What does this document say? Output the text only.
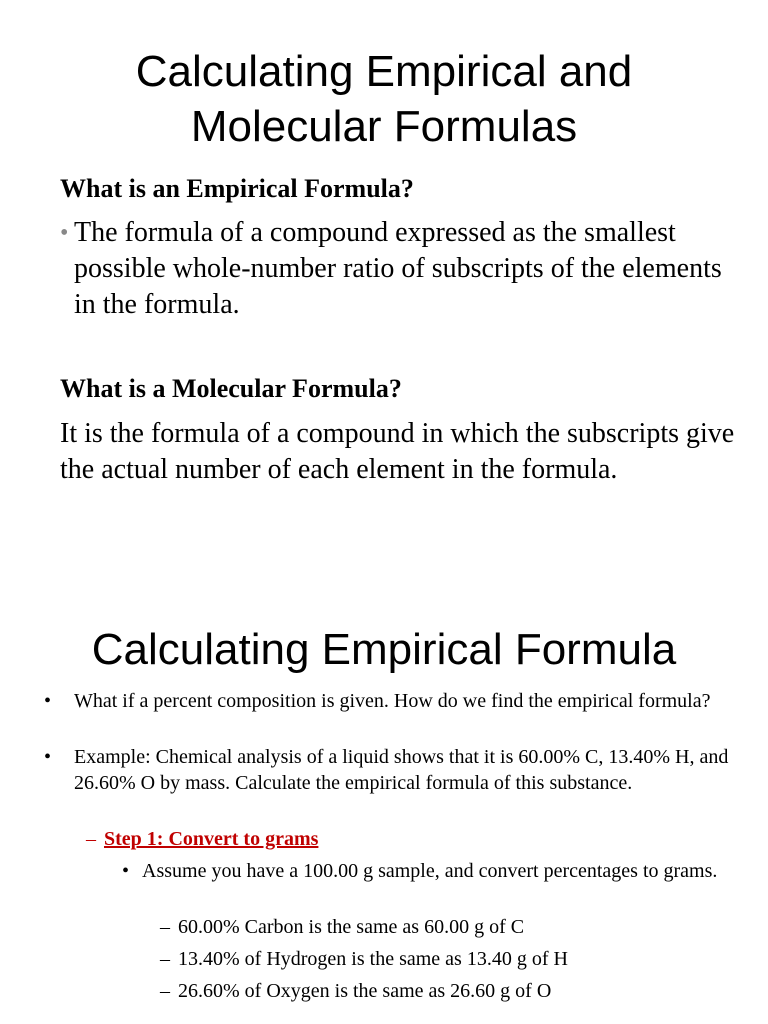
Calculating Empirical and
Molecular Formulas
What is an Empirical Formula?
• The formula of a compound expressed as the smallest possible whole-number ratio of subscripts of the elements in the formula.
What is a Molecular Formula?
It is the formula of a compound in which the subscripts give the actual number of each element in the formula.
Calculating Empirical Formula
•	What if a percent composition is given. How do we find the empirical formula?
•	Example: Chemical analysis of a liquid shows that it is 60.00% C, 13.40% H, and 26.60% O by mass. Calculate the empirical formula of this substance.
– Step 1: Convert to grams
• Assume you have a 100.00 g sample, and convert percentages to grams.
– 60.00% Carbon is the same as 60.00 g of C
– 13.40% of Hydrogen is the same as 13.40 g of H
– 26.60% of Oxygen is the same as 26.60 g of O
